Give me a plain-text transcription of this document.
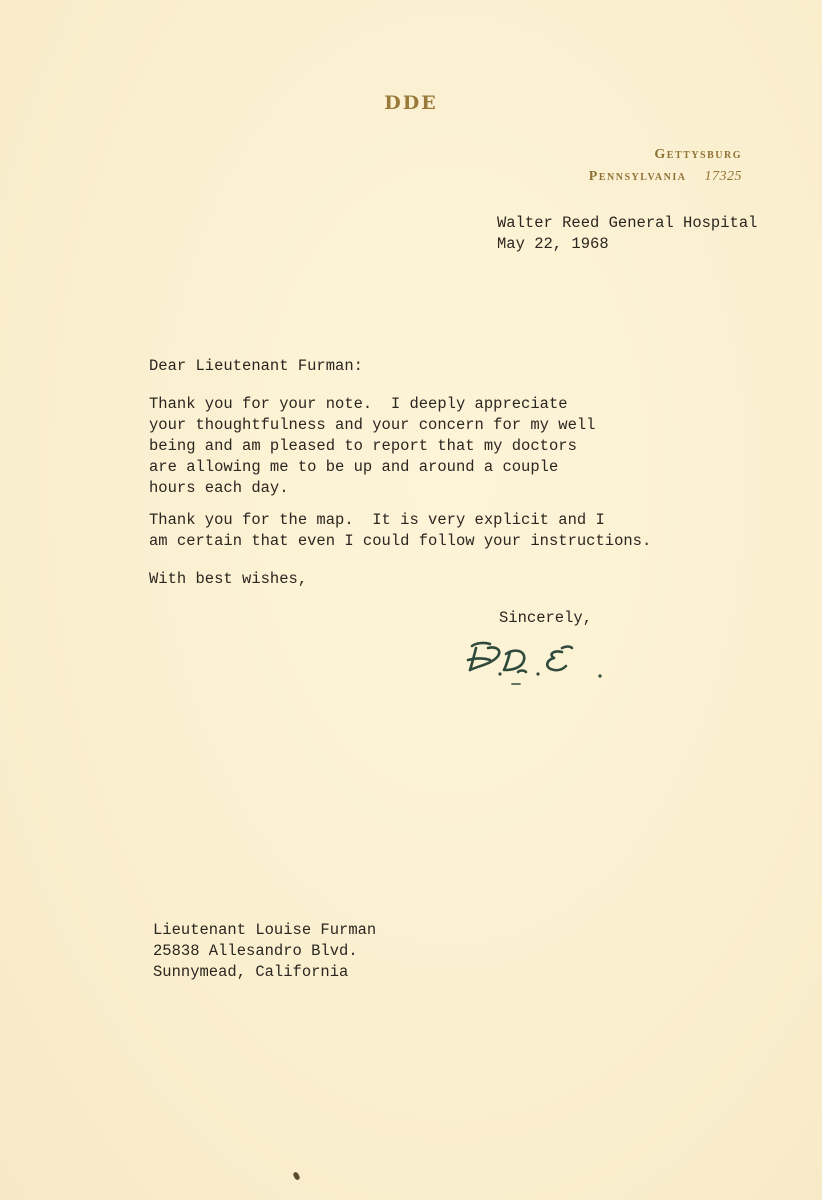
DDE
Gettysburg
Pennsylvania 17325
Walter Reed General Hospital
May 22, 1968
Dear Lieutenant Furman:
Thank you for your note.  I deeply appreciate
your thoughtfulness and your concern for my well
being and am pleased to report that my doctors
are allowing me to be up and around a couple
hours each day.
Thank you for the map.  It is very explicit and I
am certain that even I could follow your instructions.
With best wishes,
Sincerely,
Lieutenant Louise Furman
25838 Allesandro Blvd.
Sunnymead, California
